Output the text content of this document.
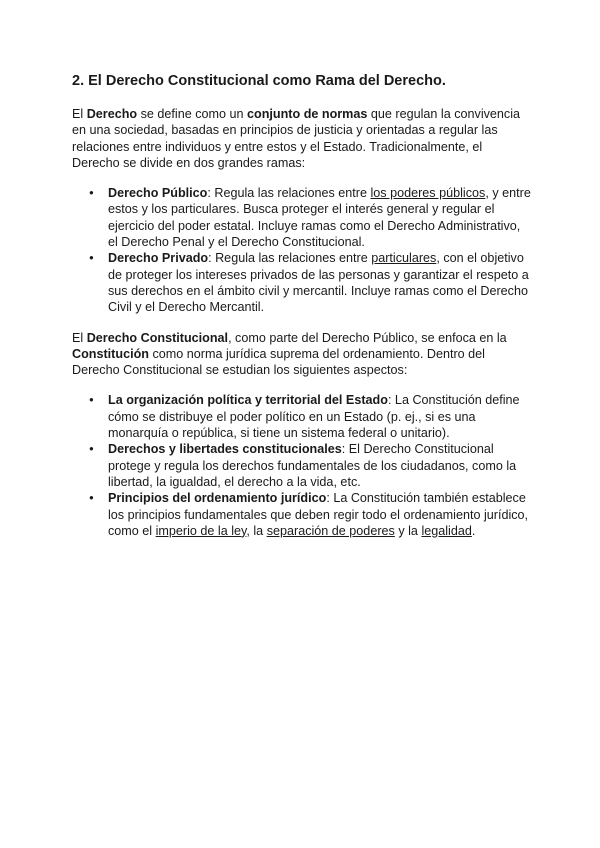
2. El Derecho Constitucional como Rama del Derecho.

El Derecho se define como un conjunto de normas que regulan la convivencia en una sociedad, basadas en principios de justicia y orientadas a regular las relaciones entre individuos y entre estos y el Estado. Tradicionalmente, el Derecho se divide en dos grandes ramas:

● Derecho Público: Regula las relaciones entre los poderes públicos, y entre estos y los particulares. Busca proteger el interés general y regular el ejercicio del poder estatal. Incluye ramas como el Derecho Administrativo, el Derecho Penal y el Derecho Constitucional.
● Derecho Privado: Regula las relaciones entre particulares, con el objetivo de proteger los intereses privados de las personas y garantizar el respeto a sus derechos en el ámbito civil y mercantil. Incluye ramas como el Derecho Civil y el Derecho Mercantil.

El Derecho Constitucional, como parte del Derecho Público, se enfoca en la Constitución como norma jurídica suprema del ordenamiento. Dentro del Derecho Constitucional se estudian los siguientes aspectos:

● La organización política y territorial del Estado: La Constitución define cómo se distribuye el poder político en un Estado (p. ej., si es una monarquía o república, si tiene un sistema federal o unitario).
● Derechos y libertades constitucionales: El Derecho Constitucional protege y regula los derechos fundamentales de los ciudadanos, como la libertad, la igualdad, el derecho a la vida, etc.
● Principios del ordenamiento jurídico: La Constitución también establece los principios fundamentales que deben regir todo el ordenamiento jurídico, como el imperio de la ley, la separación de poderes y la legalidad.
